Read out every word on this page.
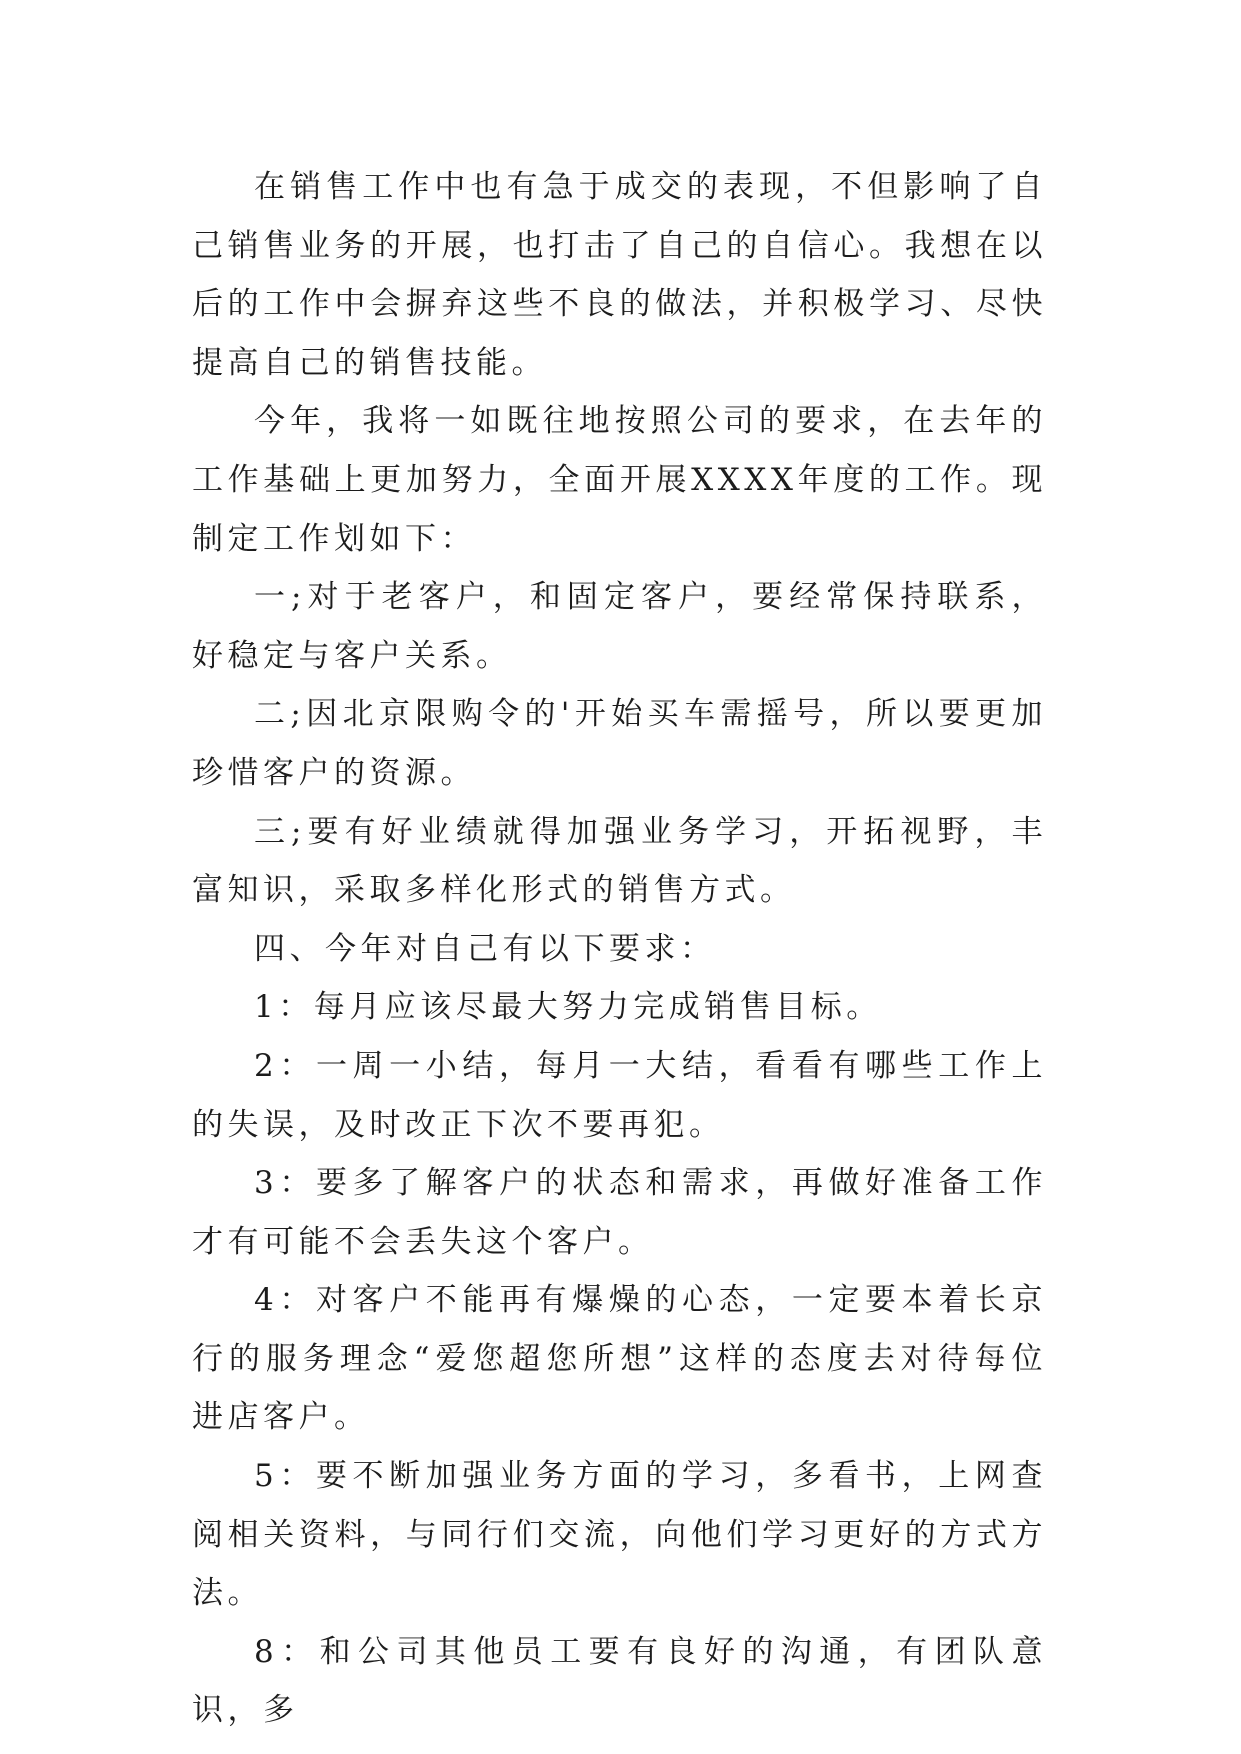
在销售工作中也有急于成交的表现，不但影响了自己销售业务的开展，也打击了自己的自信心。我想在以后的工作中会摒弃这些不良的做法，并积极学习、尽快提高自己的销售技能。

今年，我将一如既往地按照公司的要求，在去年的工作基础上更加努力，全面开展XXXX年度的工作。现制定工作划如下：

一;对于老客户，和固定客户，要经常保持联系，好稳定与客户关系。

二;因北京限购令的'开始买车需摇号，所以要更加珍惜客户的资源。

三;要有好业绩就得加强业务学习，开拓视野，丰富知识，采取多样化形式的销售方式。

四、今年对自己有以下要求：

1：每月应该尽最大努力完成销售目标。

2：一周一小结，每月一大结，看看有哪些工作上的失误，及时改正下次不要再犯。

3：要多了解客户的状态和需求，再做好准备工作才有可能不会丢失这个客户。

4：对客户不能再有爆燥的心态，一定要本着长京行的服务理念“爱您超您所想”这样的态度去对待每位进店客户。

5：要不断加强业务方面的学习，多看书，上网查阅相关资料，与同行们交流，向他们学习更好的方式方法。

8：和公司其他员工要有良好的沟通，有团队意识，多
